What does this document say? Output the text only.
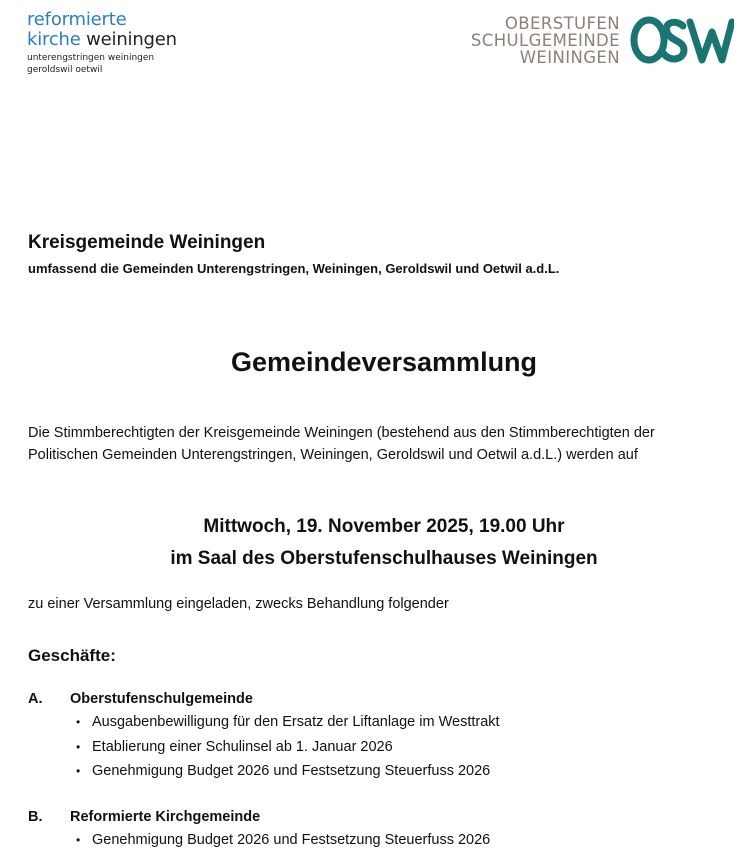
reformierte
kirche weiningen
unterengstringen weiningen
geroldswil oetwil
OBERSTUFEN
SCHULGEMEINDE
WEININGEN
Kreisgemeinde Weiningen
umfassend die Gemeinden Unterengstringen, Weiningen, Geroldswil und Oetwil a.d.L.
Gemeindeversammlung
Die Stimmberechtigten der Kreisgemeinde Weiningen (bestehend aus den Stimmberechtigten der Politischen Gemeinden Unterengstringen, Weiningen, Geroldswil und Oetwil a.d.L.) werden auf
Mittwoch, 19. November 2025, 19.00 Uhr
im Saal des Oberstufenschulhauses Weiningen
zu einer Versammlung eingeladen, zwecks Behandlung folgender
Geschäfte:
A.	Oberstufenschulgemeinde
• Ausgabenbewilligung für den Ersatz der Liftanlage im Westtrakt
• Etablierung einer Schulinsel ab 1. Januar 2026
• Genehmigung Budget 2026 und Festsetzung Steuerfuss 2026
B.	Reformierte Kirchgemeinde
• Genehmigung Budget 2026 und Festsetzung Steuerfuss 2026
